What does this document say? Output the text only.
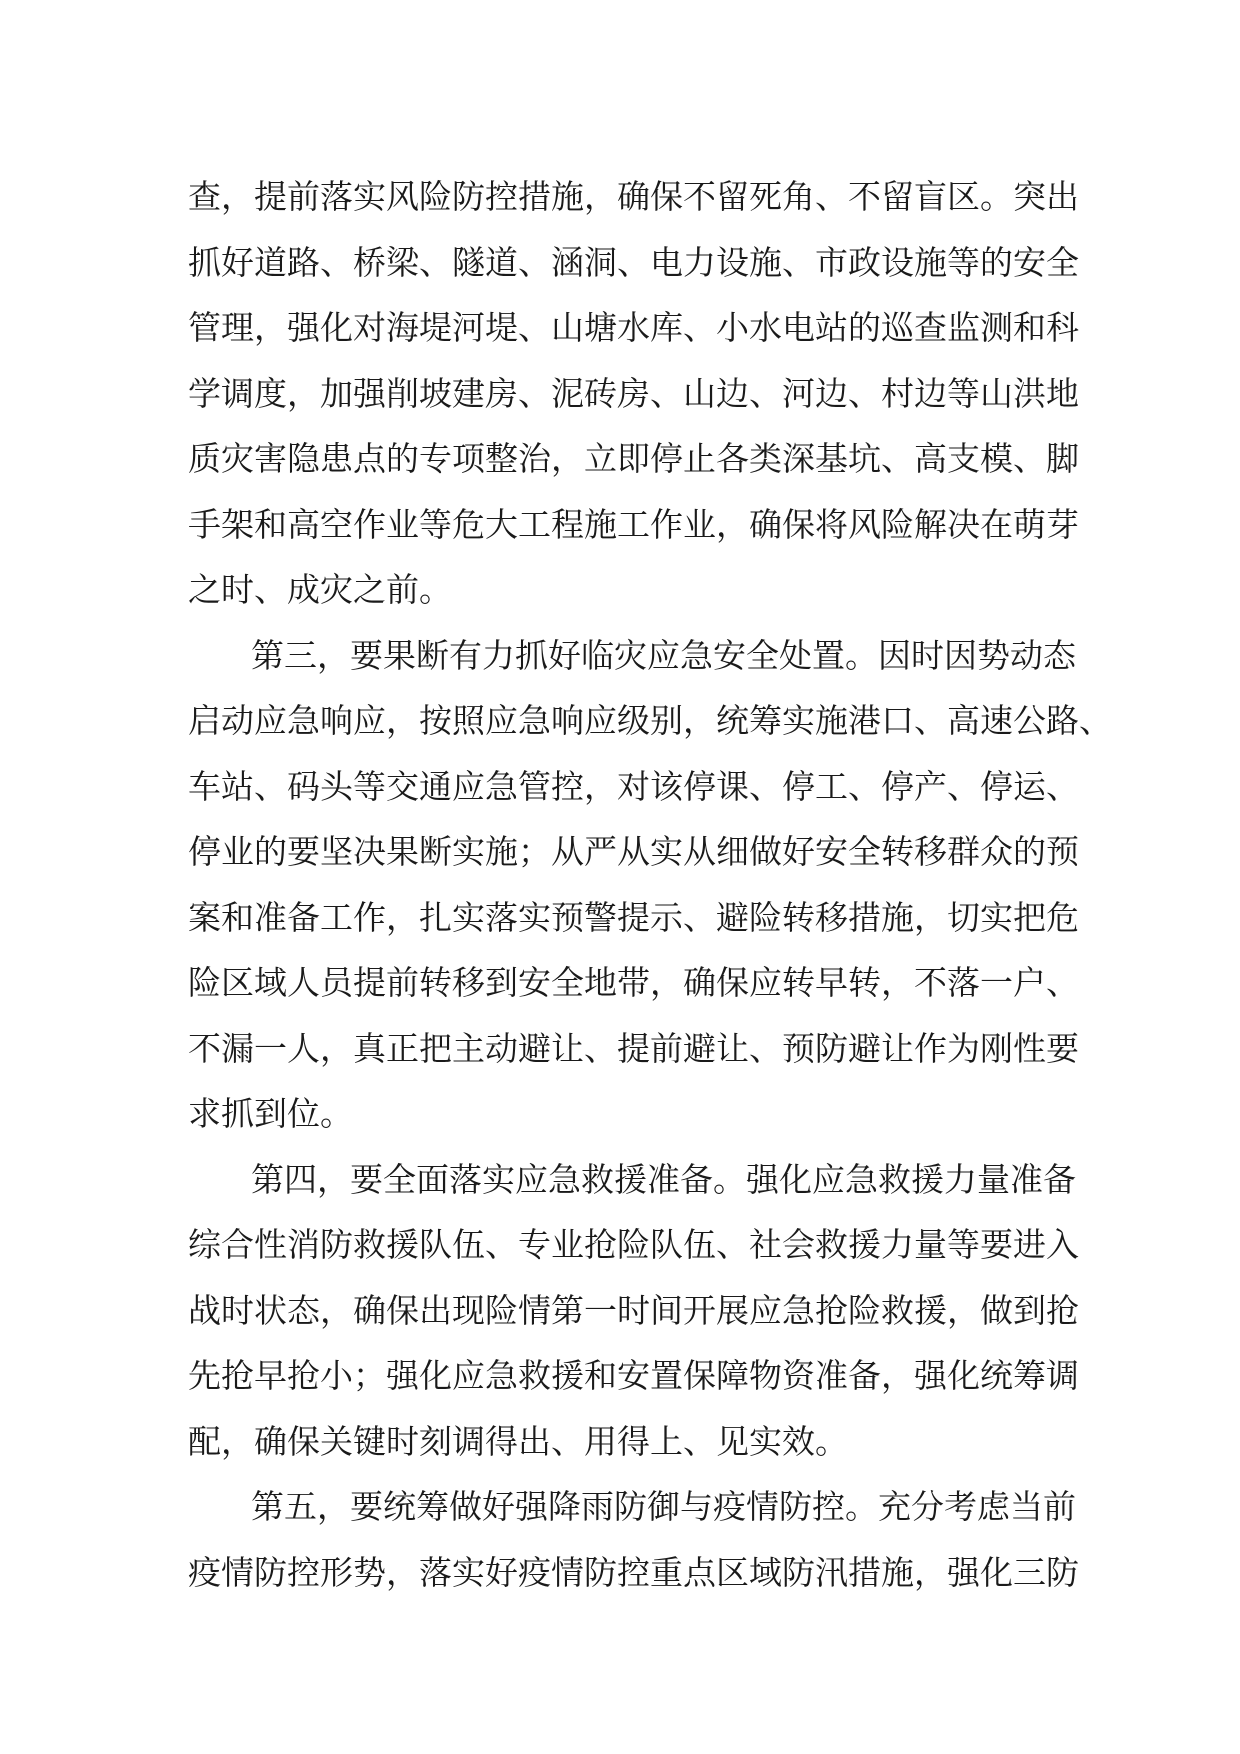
查，提前落实风险防控措施，确保不留死角、不留盲区。突出
抓好道路、桥梁、隧道、涵洞、电力设施、市政设施等的安全
管理，强化对海堤河堤、山塘水库、小水电站的巡查监测和科
学调度，加强削坡建房、泥砖房、山边、河边、村边等山洪地
质灾害隐患点的专项整治，立即停止各类深基坑、高支模、脚
手架和高空作业等危大工程施工作业，确保将风险解决在萌芽
之时、成灾之前。
第三，要果断有力抓好临灾应急安全处置。因时因势动态
启动应急响应，按照应急响应级别，统筹实施港口、高速公路、
车站、码头等交通应急管控，对该停课、停工、停产、停运、
停业的要坚决果断实施；从严从实从细做好安全转移群众的预
案和准备工作，扎实落实预警提示、避险转移措施，切实把危
险区域人员提前转移到安全地带，确保应转早转，不落一户、
不漏一人，真正把主动避让、提前避让、预防避让作为刚性要
求抓到位。
第四，要全面落实应急救援准备。强化应急救援力量准备
综合性消防救援队伍、专业抢险队伍、社会救援力量等要进入
战时状态，确保出现险情第一时间开展应急抢险救援，做到抢
先抢早抢小；强化应急救援和安置保障物资准备，强化统筹调
配，确保关键时刻调得出、用得上、见实效。
第五，要统筹做好强降雨防御与疫情防控。充分考虑当前
疫情防控形势，落实好疫情防控重点区域防汛措施，强化三防
